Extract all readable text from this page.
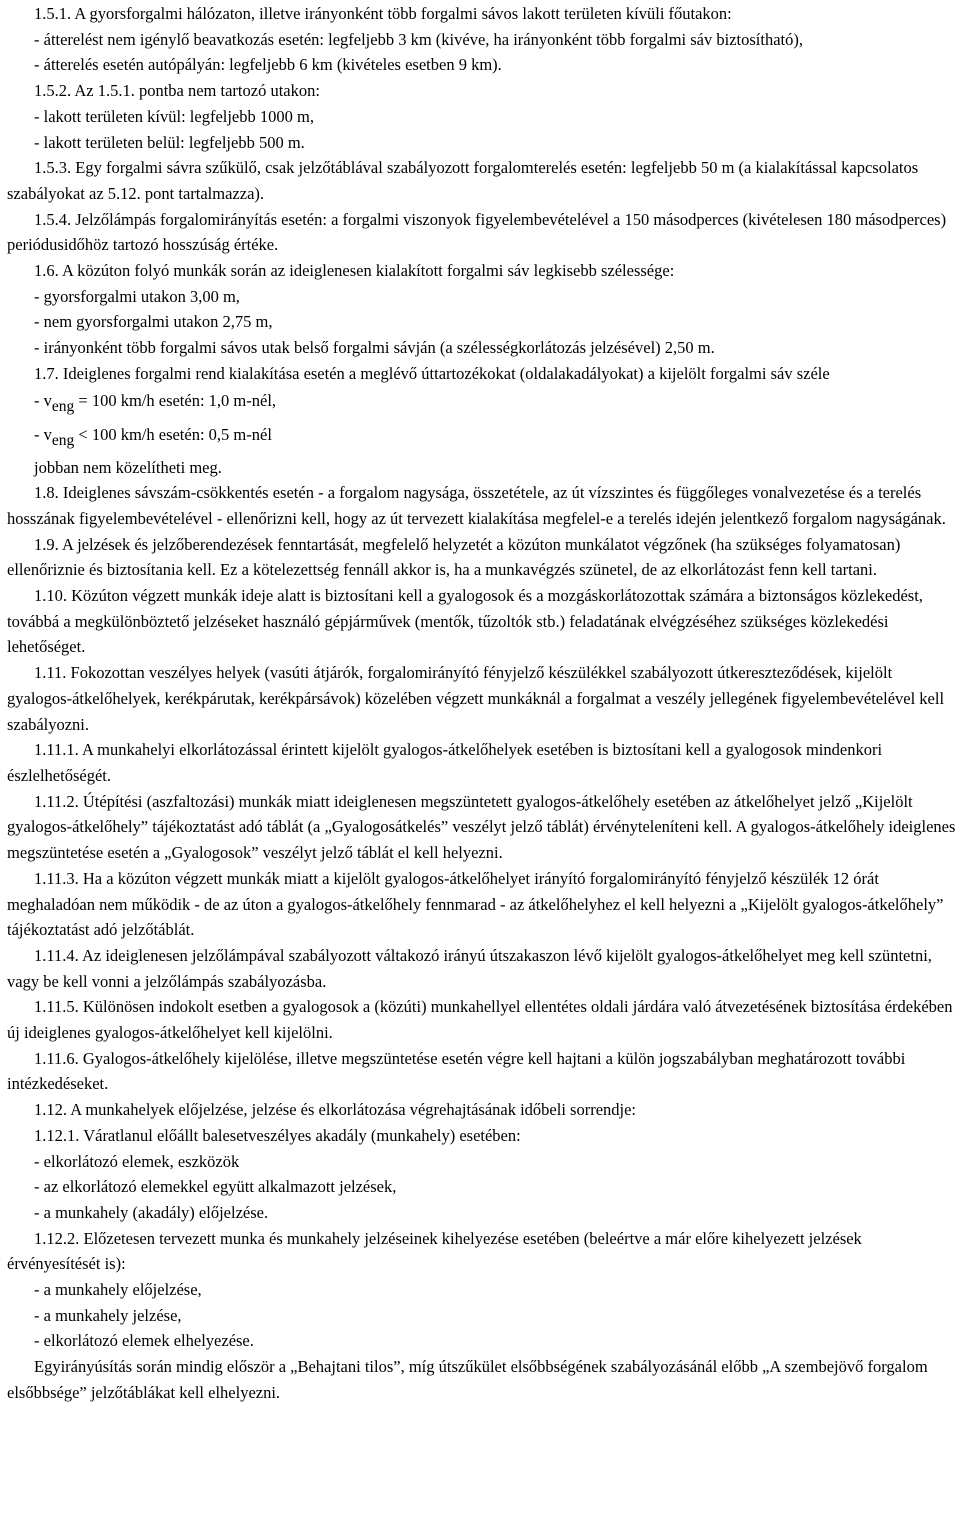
1.5.1. A gyorsforgalmi hálózaton, illetve irányonként több forgalmi sávos lakott területen kívüli főutakon:

- átterelést nem igénylő beavatkozás esetén: legfeljebb 3 km (kivéve, ha irányonként több forgalmi sáv biztosítható),

- átterelés esetén autópályán: legfeljebb 6 km (kivételes esetben 9 km).

1.5.2. Az 1.5.1. pontba nem tartozó utakon:

- lakott területen kívül: legfeljebb 1000 m,

- lakott területen belül: legfeljebb 500 m.

1.5.3. Egy forgalmi sávra szűkülő, csak jelzőtáblával szabályozott forgalomterelés esetén: legfeljebb 50 m (a kialakítással kapcsolatos szabályokat az 5.12. pont tartalmazza).

1.5.4. Jelzőlámpás forgalomirányítás esetén: a forgalmi viszonyok figyelembevételével a 150 másodperces (kivételesen 180 másodperces) periódusidőhöz tartozó hosszúság értéke.

1.6. A közúton folyó munkák során az ideiglenesen kialakított forgalmi sáv legkisebb szélessége:

- gyorsforgalmi utakon 3,00 m,

- nem gyorsforgalmi utakon 2,75 m,

- irányonként több forgalmi sávos utak belső forgalmi sávján (a szélességkorlátozás jelzésével) 2,50 m.

1.7. Ideiglenes forgalmi rend kialakítása esetén a meglévő úttartozékokat (oldalakadályokat) a kijelölt forgalmi sáv széle

- veng = 100 km/h esetén: 1,0 m-nél,

- veng < 100 km/h esetén: 0,5 m-nél

jobban nem közelítheti meg.

1.8. Ideiglenes sávszám-csökkentés esetén - a forgalom nagysága, összetétele, az út vízszintes és függőleges vonalvezetése és a terelés hosszának figyelembevételével - ellenőrizni kell, hogy az út tervezett kialakítása megfelel-e a terelés idején jelentkező forgalom nagyságának.

1.9. A jelzések és jelzőberendezések fenntartását, megfelelő helyzetét a közúton munkálatot végzőnek (ha szükséges folyamatosan) ellenőriznie és biztosítania kell. Ez a kötelezettség fennáll akkor is, ha a munkavégzés szünetel, de az elkorlátozást fenn kell tartani.

1.10. Közúton végzett munkák ideje alatt is biztosítani kell a gyalogosok és a mozgáskorlátozottak számára a biztonságos közlekedést, továbbá a megkülönböztető jelzéseket használó gépjárművek (mentők, tűzoltók stb.) feladatának elvégzéséhez szükséges közlekedési lehetőséget.

1.11. Fokozottan veszélyes helyek (vasúti átjárók, forgalomirányító fényjelző készülékkel szabályozott útkereszteződések, kijelölt gyalogos-átkelőhelyek, kerékpárutak, kerékpársávok) közelében végzett munkáknál a forgalmat a veszély jellegének figyelembevételével kell szabályozni.

1.11.1. A munkahelyi elkorlátozással érintett kijelölt gyalogos-átkelőhelyek esetében is biztosítani kell a gyalogosok mindenkori észlelhetőségét.

1.11.2. Útépítési (aszfaltozási) munkák miatt ideiglenesen megszüntetett gyalogos-átkelőhely esetében az átkelőhelyet jelző „Kijelölt gyalogos-átkelőhely” tájékoztatást adó táblát (a „Gyalogosátkelés” veszélyt jelző táblát) érvényteleníteni kell. A gyalogos-átkelőhely ideiglenes megszüntetése esetén a „Gyalogosok” veszélyt jelző táblát el kell helyezni.

1.11.3. Ha a közúton végzett munkák miatt a kijelölt gyalogos-átkelőhelyet irányító forgalomirányító fényjelző készülék 12 órát meghaladóan nem működik - de az úton a gyalogos-átkelőhely fennmarad - az átkelőhelyhez el kell helyezni a „Kijelölt gyalogos-átkelőhely” tájékoztatást adó jelzőtáblát.

1.11.4. Az ideiglenesen jelzőlámpával szabályozott váltakozó irányú útszakaszon lévő kijelölt gyalogos-átkelőhelyet meg kell szüntetni, vagy be kell vonni a jelzőlámpás szabályozásba.

1.11.5. Különösen indokolt esetben a gyalogosok a (közúti) munkahellyel ellentétes oldali járdára való átvezetésének biztosítása érdekében új ideiglenes gyalogos-átkelőhelyet kell kijelölni.

1.11.6. Gyalogos-átkelőhely kijelölése, illetve megszüntetése esetén végre kell hajtani a külön jogszabályban meghatározott további intézkedéseket.

1.12. A munkahelyek előjelzése, jelzése és elkorlátozása végrehajtásának időbeli sorrendje:

1.12.1. Váratlanul előállt balesetveszélyes akadály (munkahely) esetében:

- elkorlátozó elemek, eszközök

- az elkorlátozó elemekkel együtt alkalmazott jelzések,

- a munkahely (akadály) előjelzése.

1.12.2. Előzetesen tervezett munka és munkahely jelzéseinek kihelyezése esetében (beleértve a már előre kihelyezett jelzések érvényesítését is):

- a munkahely előjelzése,

- a munkahely jelzése,

- elkorlátozó elemek elhelyezése.

Egyirányúsítás során mindig először a „Behajtani tilos”, míg útszűkület elsőbbségének szabályozásánál előbb „A szembejövő forgalom elsőbbsége” jelzőtáblákat kell elhelyezni.
